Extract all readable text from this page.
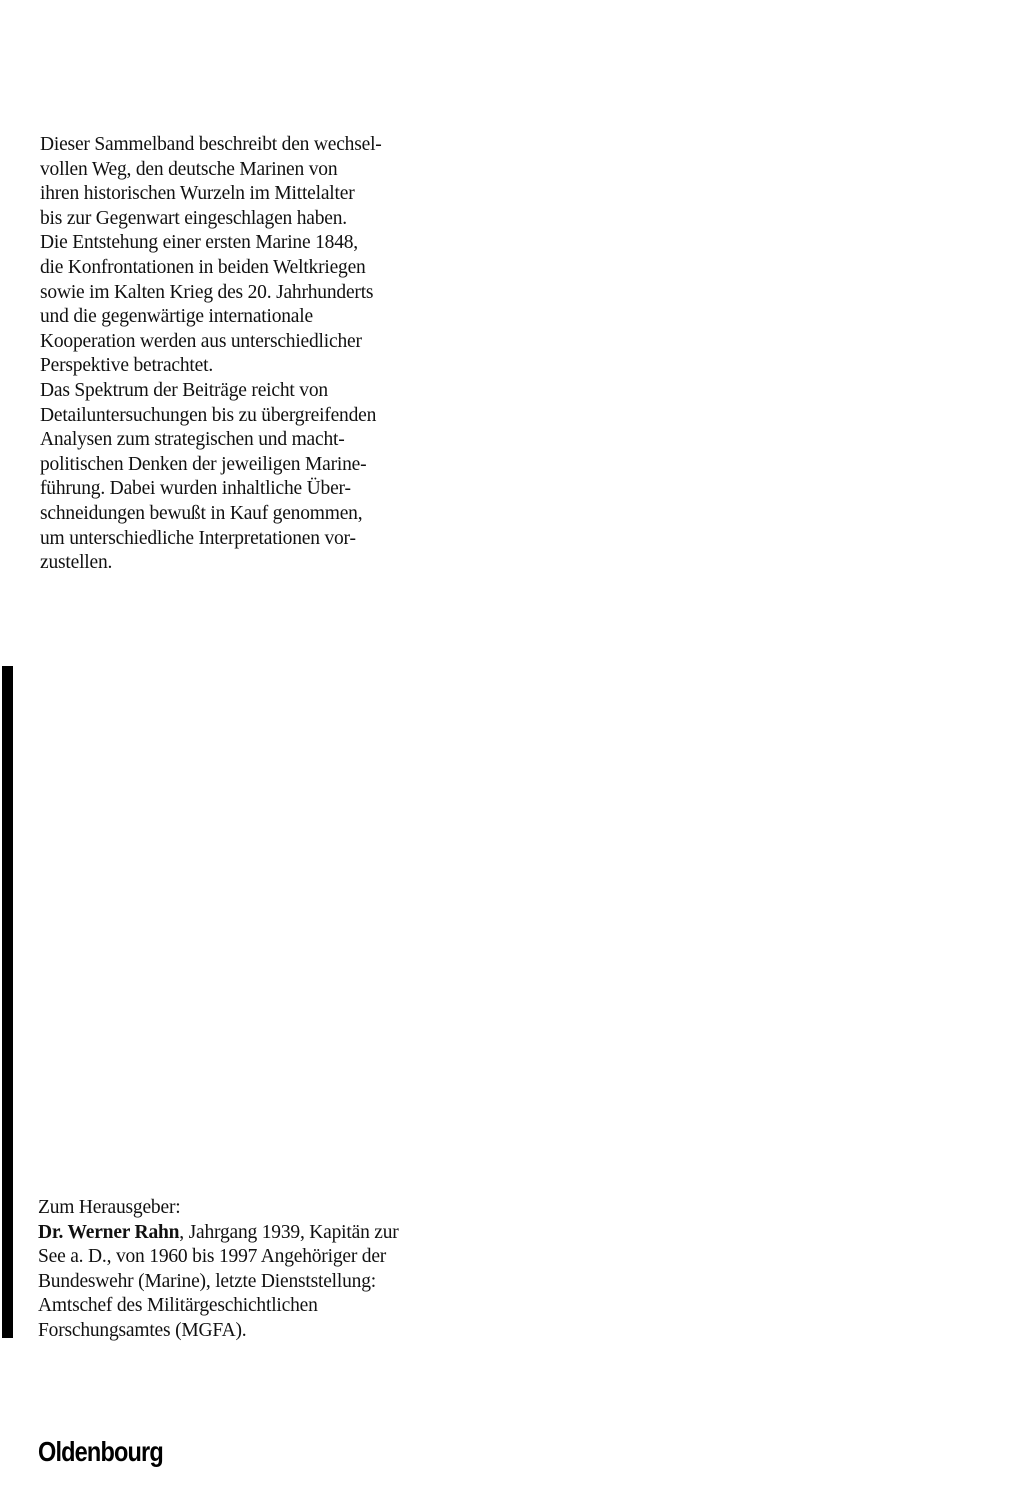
Dieser Sammelband beschreibt den wechsel-
vollen Weg, den deutsche Marinen von
ihren historischen Wurzeln im Mittelalter
bis zur Gegenwart eingeschlagen haben.
Die Entstehung einer ersten Marine 1848,
die Konfrontationen in beiden Weltkriegen
sowie im Kalten Krieg des 20. Jahrhunderts
und die gegenwärtige internationale
Kooperation werden aus unterschiedlicher
Perspektive betrachtet.
Das Spektrum der Beiträge reicht von
Detailuntersuchungen bis zu übergreifenden
Analysen zum strategischen und macht-
politischen Denken der jeweiligen Marine-
führung. Dabei wurden inhaltliche Über-
schneidungen bewußt in Kauf genommen,
um unterschiedliche Interpretationen vor-
zustellen.
Zum Herausgeber:
Dr. Werner Rahn, Jahrgang 1939, Kapitän zur
See a. D., von 1960 bis 1997 Angehöriger der
Bundeswehr (Marine), letzte Dienststellung:
Amtschef des Militärgeschichtlichen
Forschungsamtes (MGFA).
Oldenbourg
